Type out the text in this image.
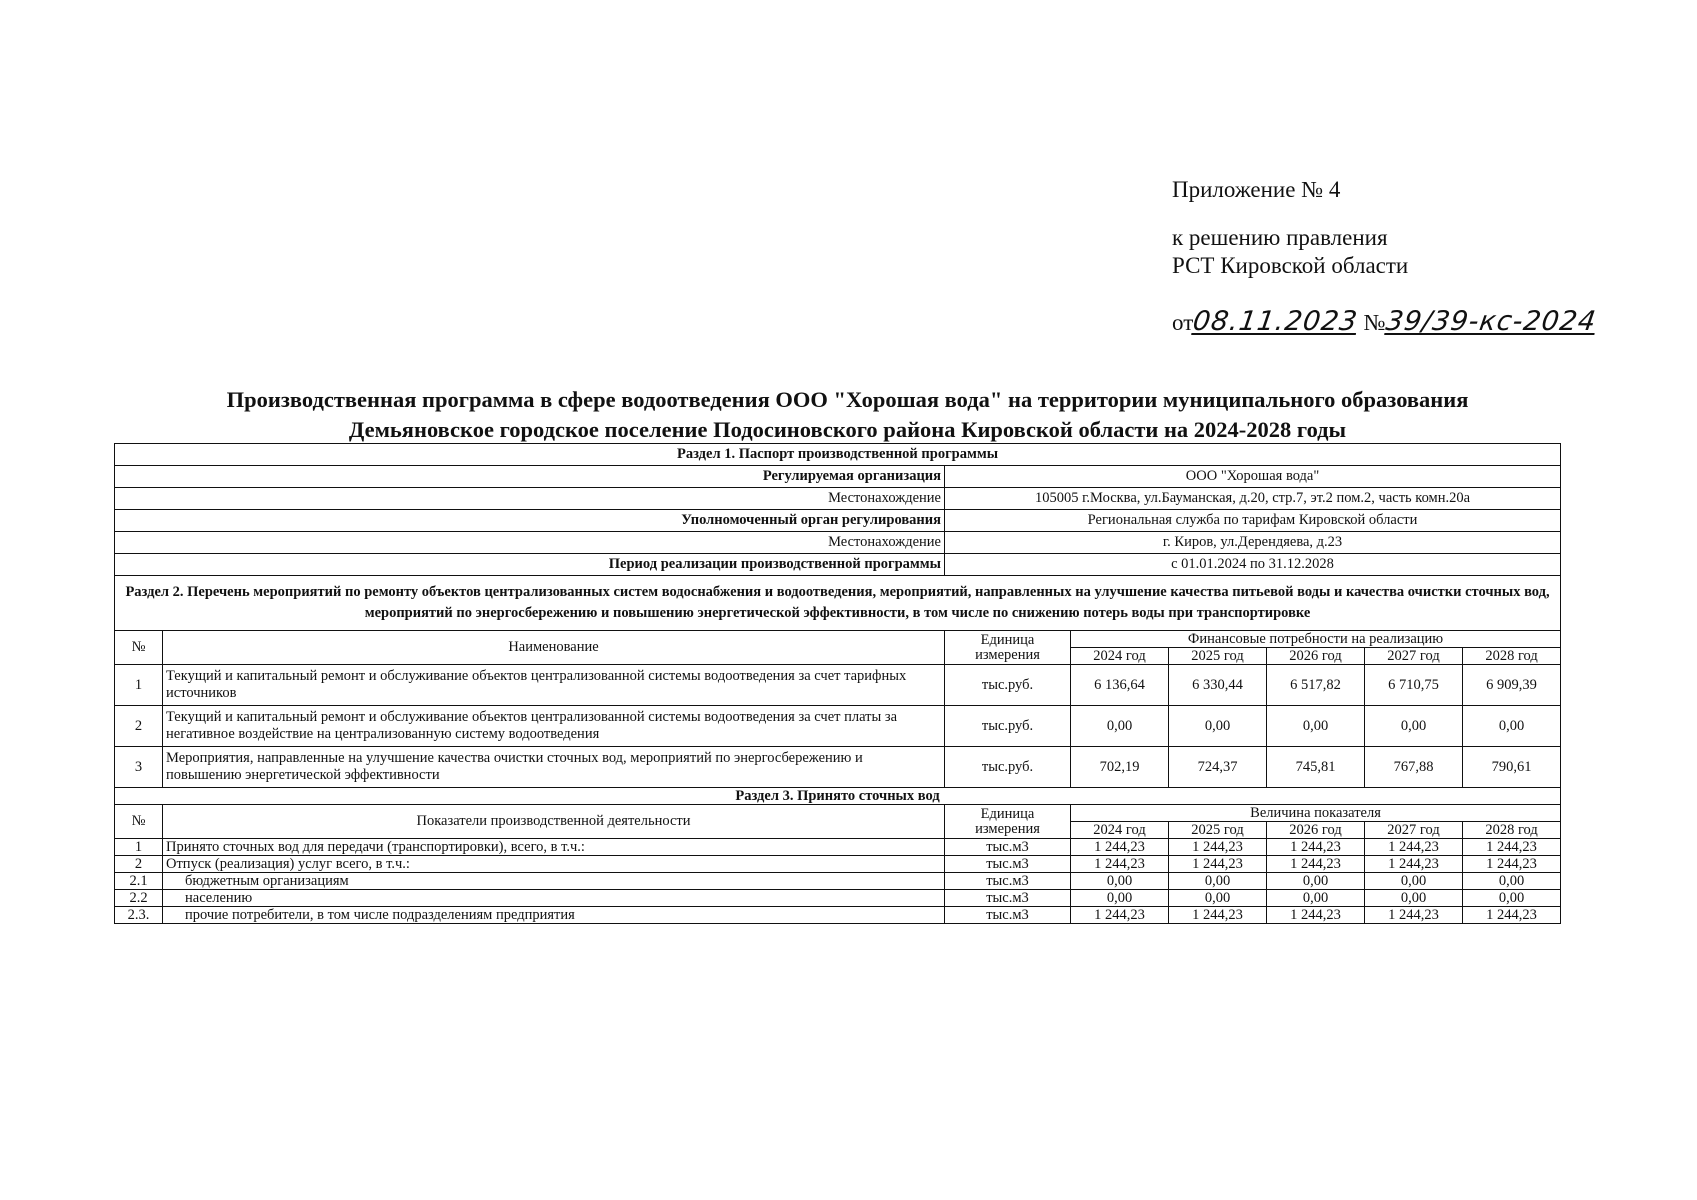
Приложение № 4
к решению правления
РСТ Кировской области
от08.11.2023 №39/39-кс-2024
Производственная программа в сфере водоотведения ООО "Хорошая вода" на территории муниципального образования
Демьяновское городское поселение Подосиновского района Кировской области на 2024-2028 годы
Раздел 1. Паспорт производственной программы							
Регулируемая организация		ООО "Хорошая вода"					
Местонахождение		105005 г.Москва, ул.Бауманская, д.20, стр.7, эт.2 пом.2, часть комн.20а					
Уполномоченный орган регулирования		Региональная служба по тарифам Кировской области					
Местонахождение		г. Киров, ул.Дерендяева, д.23					
Период реализации производственной программы		с 01.01.2024 по 31.12.2028					
Раздел 2. Перечень мероприятий по ремонту объектов централизованных систем водоснабжения и водоотведения, мероприятий, направленных на улучшение качества питьевой воды и качества очистки сточных вод, мероприятий по энергосбережению и повышению энергетической эффективности, в том числе по снижению потерь воды при транспортировке							
№	Наименование	Единица измерения	Финансовые потребности на реализацию				
			2024 год	2025 год	2026 год	2027 год	2028 год
1	Текущий и капитальный ремонт и обслуживание объектов централизованной системы водоотведения за счет тарифных источников	тыс.руб.	6 136,64	6 330,44	6 517,82	6 710,75	6 909,39
2	Текущий и капитальный ремонт и обслуживание объектов централизованной системы водоотведения за счет платы за негативное воздействие на централизованную систему водоотведения	тыс.руб.	0,00	0,00	0,00	0,00	0,00
3	Мероприятия, направленные на улучшение качества очистки сточных вод, мероприятий по энергосбережению и повышению энергетической эффективности	тыс.руб.	702,19	724,37	745,81	767,88	790,61
Раздел 3. Принято сточных вод							
№	Показатели производственной деятельности	Единица измерения	Величина показателя				
			2024 год	2025 год	2026 год	2027 год	2028 год
1	Принято сточных вод для передачи (транспортировки), всего, в т.ч.:	тыс.м3	1 244,23	1 244,23	1 244,23	1 244,23	1 244,23
2	Отпуск (реализация) услуг всего, в т.ч.:	тыс.м3	1 244,23	1 244,23	1 244,23	1 244,23	1 244,23
2.1	бюджетным организациям	тыс.м3	0,00	0,00	0,00	0,00	0,00
2.2	населению	тыс.м3	0,00	0,00	0,00	0,00	0,00
2.3.	прочие потребители, в том числе подразделениям предприятия	тыс.м3	1 244,23	1 244,23	1 244,23	1 244,23	1 244,23
